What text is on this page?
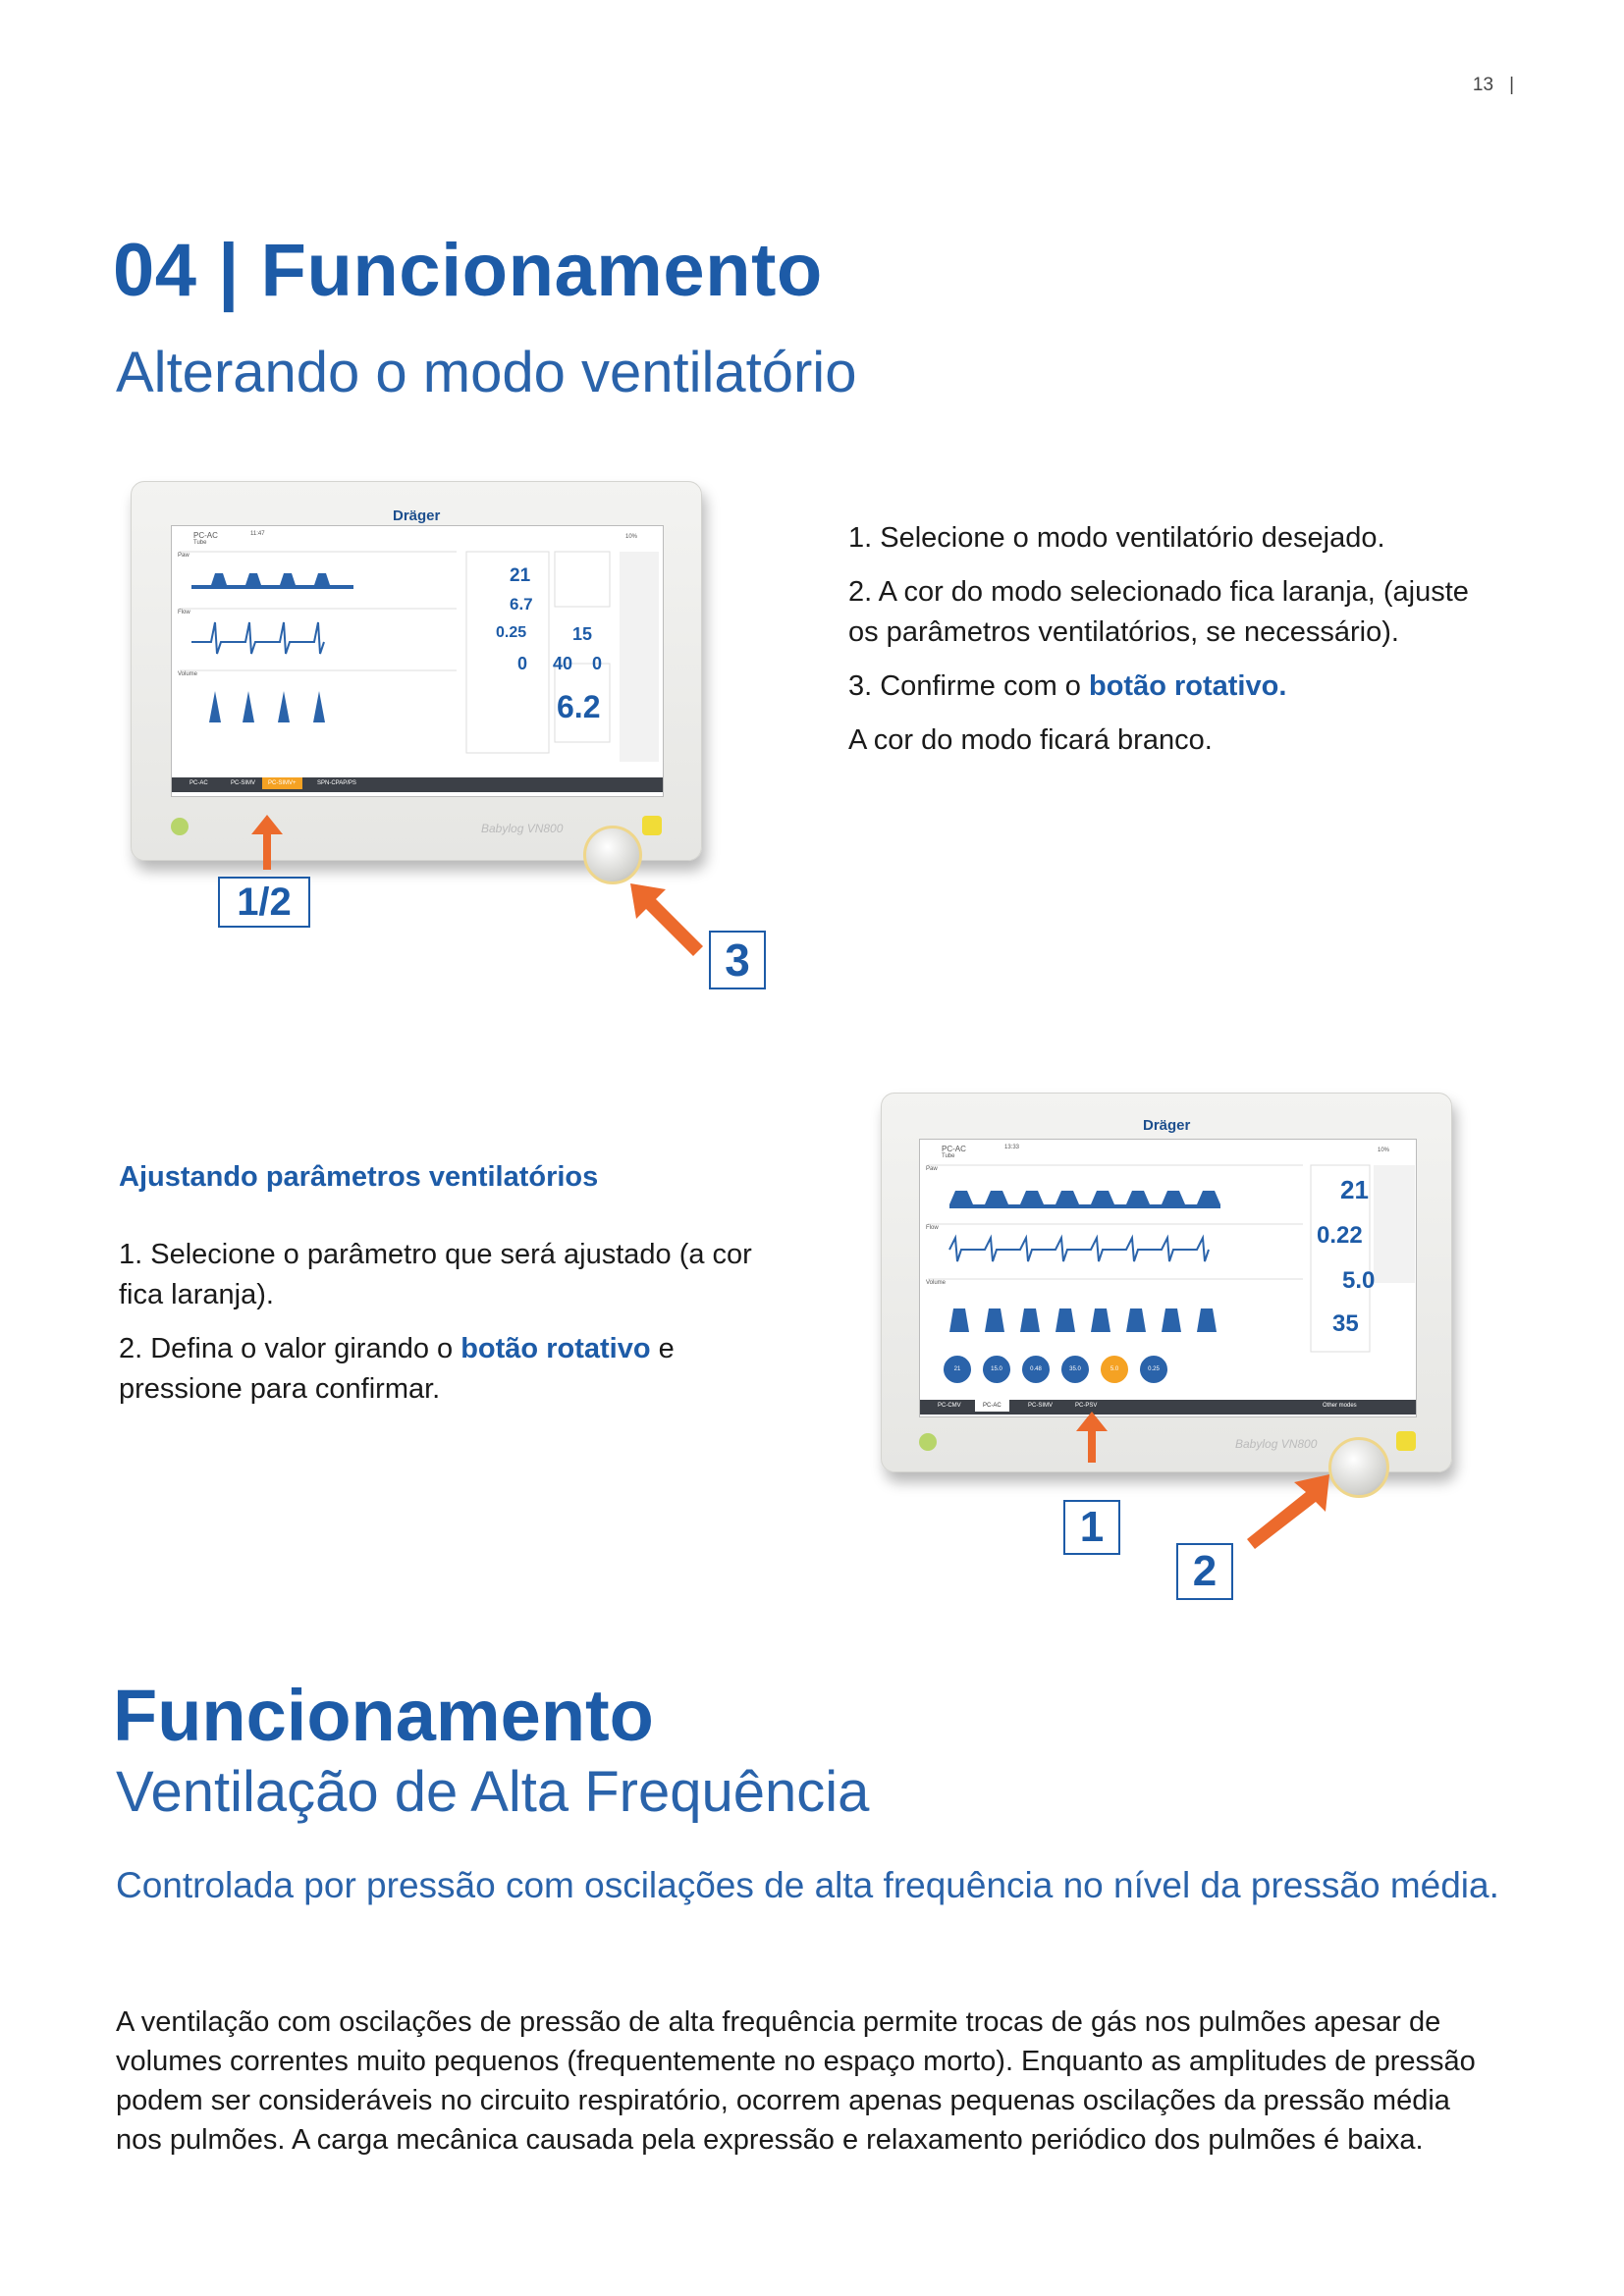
13 |
04 | Funcionamento
Alterando o modo ventilatório
Dräger
PC-AC
Tube
11:47	10%
Paw
Flow
Volume
21
6.7
0.25	15
0 40 0
6.2
PC-AC	PC-SIMV	PC-SIMV+	SPN-CPAP/PS
Babylog VN800
1/2
3

1. Selecione o modo ventilatório desejado.

2. A cor do modo selecionado fica laranja, (ajuste os parâmetros ventilatórios, se necessário).

3. Confirme com o botão rotativo.

A cor do modo ficará branco.

Ajustando parâmetros ventilatórios

1. Selecione o parâmetro que será ajustado (a cor fica laranja).

2. Defina o valor girando o botão rotativo e pressione para confirmar.

Dräger
PC-AC
Tube
13:33	10%
Paw
Flow
Volume
21
0.22
5.0
35
21	15.0	0.48	35.0	5.0	0.25
PC-CMV	PC-AC	PC-SIMV	PC-PSV	Other modes
Babylog VN800
1
2
Funcionamento
Ventilação de Alta Frequência
Controlada por pressão com oscilações de alta frequência no nível da pressão média.
A ventilação com oscilações de pressão de alta frequência permite trocas de gás nos pulmões apesar de volumes correntes muito pequenos (frequentemente no espaço morto). Enquanto as amplitudes de pressão podem ser consideráveis no circuito respiratório, ocorrem apenas pequenas oscilações da pressão média nos pulmões. A carga mecânica causada pela expressão e relaxamento periódico dos pulmões é baixa.
